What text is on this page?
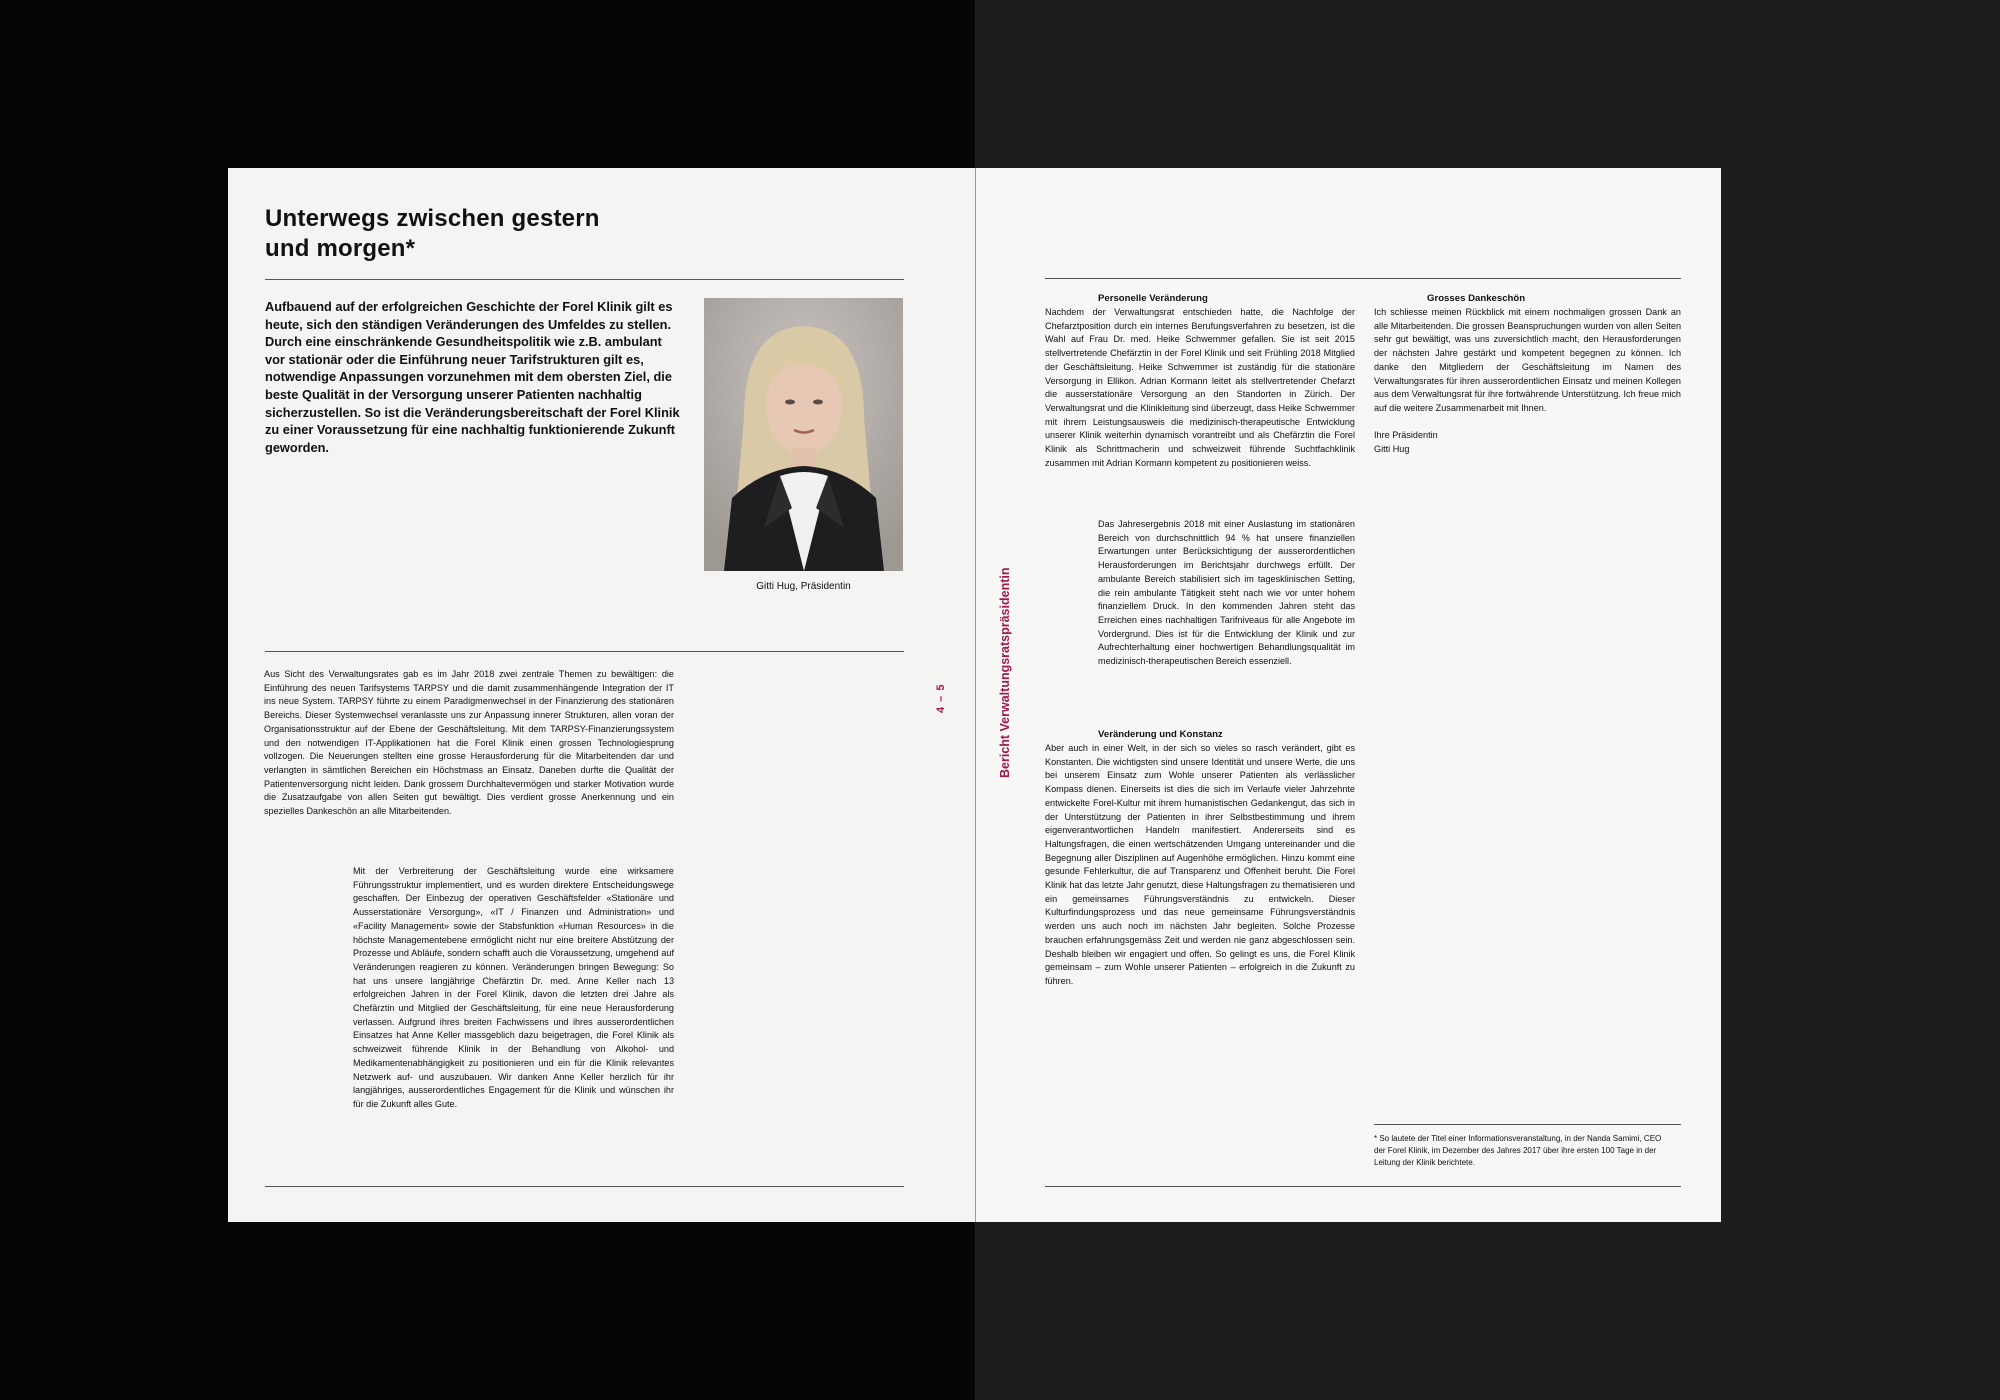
Unterwegs zwischen gestern
und morgen*

Aufbauend auf der erfolgreichen Geschichte der Forel Klinik gilt es heute, sich den ständigen Veränderungen des Umfeldes zu stellen. Durch eine einschränkende Gesundheitspolitik wie z.B. ambulant vor stationär oder die Einführung neuer Tarifstrukturen gilt es, notwendige Anpassungen vorzunehmen mit dem obersten Ziel, die beste Qualität in der Versorgung unserer Patienten nachhaltig sicherzustellen. So ist die Veränderungsbereitschaft der Forel Klinik zu einer Voraussetzung für eine nachhaltig funktionierende Zukunft geworden.

Gitti Hug, Präsidentin

Aus Sicht des Verwaltungsrates gab es im Jahr 2018 zwei zentrale Themen zu bewältigen: die Einführung des neuen Tarifsystems TARPSY und die damit zusammenhängende Integration der IT ins neue System. TARPSY führte zu einem Paradigmenwechsel in der Finanzierung des stationären Bereichs. Dieser Systemwechsel veranlasste uns zur Anpassung innerer Strukturen, allen voran der Organisationsstruktur auf der Ebene der Geschäftsleitung. Mit dem TARPSY-Finanzierungssystem und den notwendigen IT-Applikationen hat die Forel Klinik einen grossen Technologiesprung vollzogen. Die Neuerungen stellten eine grosse Herausforderung für die Mitarbeitenden dar und verlangten in sämtlichen Bereichen ein Höchstmass an Einsatz. Daneben durfte die Qualität der Patientenversorgung nicht leiden. Dank grossem Durchhaltevermögen und starker Motivation wurde die Zusatzaufgabe von allen Seiten gut bewältigt. Dies verdient grosse Anerkennung und ein spezielles Dankeschön an alle Mitarbeitenden.

Mit der Verbreiterung der Geschäftsleitung wurde eine wirksamere Führungsstruktur implementiert, und es wurden direktere Entscheidungswege geschaffen. Der Einbezug der operativen Geschäftsfelder «Stationäre und Ausserstationäre Versorgung», «IT / Finanzen und Administration» und «Facility Management» sowie der Stabsfunktion «Human Resources» in die höchste Managementebene ermöglicht nicht nur eine breitere Abstützung der Prozesse und Abläufe, sondern schafft auch die Voraussetzung, umgehend auf Veränderungen reagieren zu können. Veränderungen bringen Bewegung: So hat uns unsere langjährige Chefärztin Dr. med. Anne Keller nach 13 erfolgreichen Jahren in der Forel Klinik, davon die letzten drei Jahre als Chefärztin und Mitglied der Geschäftsleitung, für eine neue Herausforderung verlassen. Aufgrund ihres breiten Fachwissens und ihres ausserordentlichen Einsatzes hat Anne Keller massgeblich dazu beigetragen, die Forel Klinik als schweizweit führende Klinik in der Behandlung von Alkohol- und Medikamentenabhängigkeit zu positionieren und ein für die Klinik relevantes Netzwerk auf- und auszubauen. Wir danken Anne Keller herzlich für ihr langjähriges, ausserordentliches Engagement für die Klinik und wünschen ihr für die Zukunft alles Gute.

4 – 5	Bericht Verwaltungsratspräsidentin

Personelle Veränderung

Nachdem der Verwaltungsrat entschieden hatte, die Nachfolge der Chefarztposition durch ein internes Berufungsverfahren zu besetzen, ist die Wahl auf Frau Dr. med. Heike Schwemmer gefallen. Sie ist seit 2015 stellvertretende Chefärztin in der Forel Klinik und seit Frühling 2018 Mitglied der Geschäftsleitung. Heike Schwemmer ist zuständig für die stationäre Versorgung in Ellikon. Adrian Kormann leitet als stellvertretender Chefarzt die ausserstationäre Versorgung an den Standorten in Zürich. Der Verwaltungsrat und die Klinikleitung sind überzeugt, dass Heike Schwemmer mit ihrem Leistungsausweis die medizinisch-therapeutische Entwicklung unserer Klinik weiterhin dynamisch vorantreibt und als Chefärztin die Forel Klinik als Schrittmacherin und schweizweit führende Suchtfachklinik zusammen mit Adrian Kormann kompetent zu positionieren weiss.

Das Jahresergebnis 2018 mit einer Auslastung im stationären Bereich von durchschnittlich 94 % hat unsere finanziellen Erwartungen unter Berücksichtigung der ausserordentlichen Herausforderungen im Berichtsjahr durchwegs erfüllt. Der ambulante Bereich stabilisiert sich im tagesklinischen Setting, die rein ambulante Tätigkeit steht nach wie vor unter hohem finanziellem Druck. In den kommenden Jahren steht das Erreichen eines nachhaltigen Tarifniveaus für alle Angebote im Vordergrund. Dies ist für die Entwicklung der Klinik und zur Aufrechterhaltung einer hochwertigen Behandlungsqualität im medizinisch-therapeutischen Bereich essenziell.

Veränderung und Konstanz

Aber auch in einer Welt, in der sich so vieles so rasch verändert, gibt es Konstanten. Die wichtigsten sind unsere Identität und unsere Werte, die uns bei unserem Einsatz zum Wohle unserer Patienten als verlässlicher Kompass dienen. Einerseits ist dies die sich im Verlaufe vieler Jahrzehnte entwickelte Forel-Kultur mit ihrem humanistischen Gedankengut, das sich in der Unterstützung der Patienten in ihrer Selbstbestimmung und ihrem eigenverantwortlichen Handeln manifestiert. Andererseits sind es Haltungsfragen, die einen wertschätzenden Umgang untereinander und die Begegnung aller Disziplinen auf Augenhöhe ermöglichen. Hinzu kommt eine gesunde Fehlerkultur, die auf Transparenz und Offenheit beruht. Die Forel Klinik hat das letzte Jahr genutzt, diese Haltungsfragen zu thematisieren und ein gemeinsames Führungsverständnis zu entwickeln. Dieser Kulturfindungsprozess und das neue gemeinsame Führungsverständnis werden uns auch noch im nächsten Jahr begleiten. Solche Prozesse brauchen erfahrungsgemäss Zeit und werden nie ganz abgeschlossen sein. Deshalb bleiben wir engagiert und offen. So gelingt es uns, die Forel Klinik gemeinsam – zum Wohle unserer Patienten – erfolgreich in die Zukunft zu führen.

Grosses Dankeschön

Ich schliesse meinen Rückblick mit einem nochmaligen grossen Dank an alle Mitarbeitenden. Die grossen Beanspruchungen wurden von allen Seiten sehr gut bewältigt, was uns zuversichtlich macht, den Herausforderungen der nächsten Jahre gestärkt und kompetent begegnen zu können. Ich danke den Mitgliedern der Geschäftsleitung im Namen des Verwaltungsrates für ihren ausserordentlichen Einsatz und meinen Kollegen aus dem Verwaltungsrat für ihre fortwährende Unterstützung. Ich freue mich auf die weitere Zusammenarbeit mit Ihnen.

Ihre Präsidentin

Gitti Hug

* So lautete der Titel einer Informationsveranstaltung, in der Nanda Samimi, CEO der Forel Klinik, im Dezember des Jahres 2017 über ihre ersten 100 Tage in der Leitung der Klinik berichtete.
